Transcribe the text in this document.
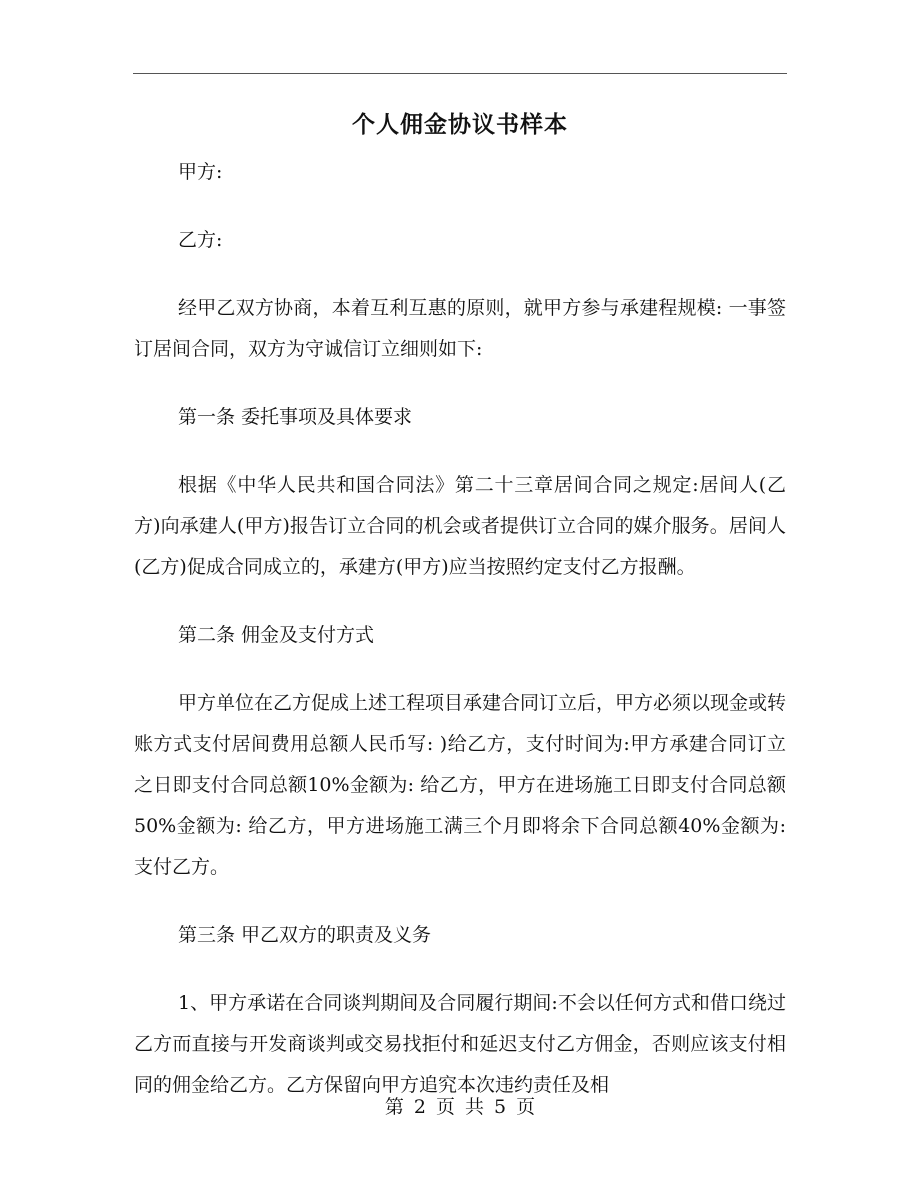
个人佣金协议书样本

甲方:

乙方:

经甲乙双方协商，本着互利互惠的原则，就甲方参与承建程规模: 一事签订居间合同，双方为守诚信订立细则如下:

第一条 委托事项及具体要求

根据《中华人民共和国合同法》第二十三章居间合同之规定:居间人(乙方)向承建人(甲方)报告订立合同的机会或者提供订立合同的媒介服务。居间人(乙方)促成合同成立的，承建方(甲方)应当按照约定支付乙方报酬。

第二条 佣金及支付方式

甲方单位在乙方促成上述工程项目承建合同订立后，甲方必须以现金或转账方式支付居间费用总额人民币写: )给乙方，支付时间为:甲方承建合同订立之日即支付合同总额10%金额为: 给乙方，甲方在进场施工日即支付合同总额50%金额为: 给乙方，甲方进场施工满三个月即将余下合同总额40%金额为: 支付乙方。

第三条 甲乙双方的职责及义务

1、甲方承诺在合同谈判期间及合同履行期间:不会以任何方式和借口绕过乙方而直接与开发商谈判或交易找拒付和延迟支付乙方佣金，否则应该支付相同的佣金给乙方。乙方保留向甲方追究本次违约责任及相

第 2 页 共 5 页
